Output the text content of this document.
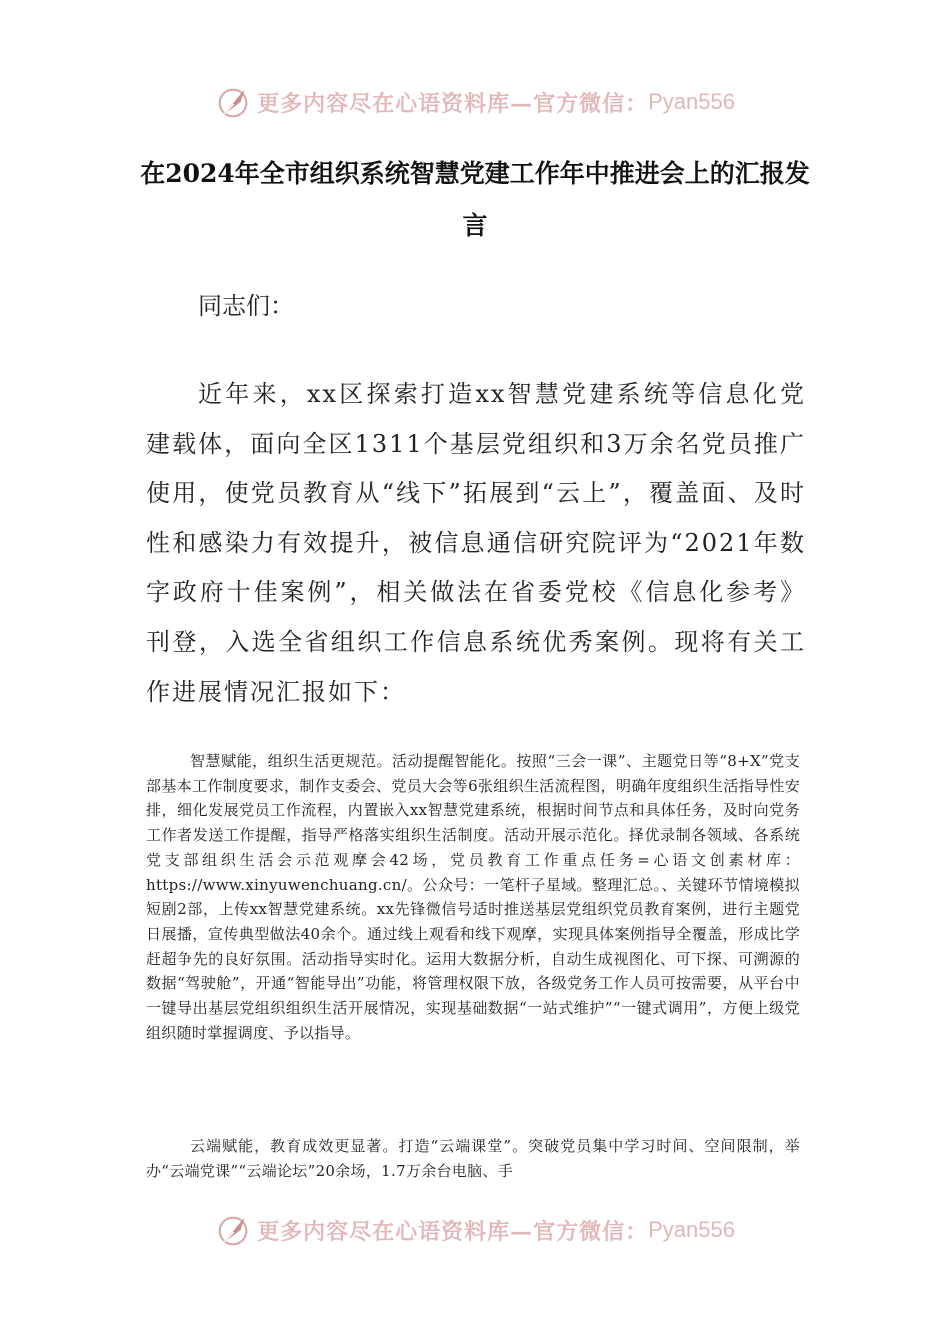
更多内容尽在心语资料库—官方微信： Pyan556
在2024年全市组织系统智慧党建工作年中推进会上的汇报发言

同志们：

近年来，xx区探索打造xx智慧党建系统等信息化党建载体，面向全区1311个基层党组织和3万余名党员推广使用，使党员教育从“线下”拓展到“云上”，覆盖面、及时性和感染力有效提升，被信息通信研究院评为“2021年数字政府十佳案例”，相关做法在省委党校《信息化参考》刊登，入选全省组织工作信息系统优秀案例。现将有关工作进展情况汇报如下：

智慧赋能，组织生活更规范。活动提醒智能化。按照“三会一课”、主题党日等“8+X”党支部基本工作制度要求，制作支委会、党员大会等6张组织生活流程图，明确年度组织生活指导性安排，细化发展党员工作流程，内置嵌入xx智慧党建系统，根据时间节点和具体任务，及时向党务工作者发送工作提醒，指导严格落实组织生活制度。活动开展示范化。择优录制各领域、各系统党支部组织生活会示范观摩会42场，党员教育工作重点任务=心语文创素材库：https://www.xinyuwenchuang.cn/。公众号：一笔杆子星域。整理汇总。、关键环节情境模拟短剧2部，上传xx智慧党建系统。xx先锋微信号适时推送基层党组织党员教育案例，进行主题党日展播，宣传典型做法40余个。通过线上观看和线下观摩，实现具体案例指导全覆盖，形成比学赶超争先的良好氛围。活动指导实时化。运用大数据分析，自动生成视图化、可下探、可溯源的数据“驾驶舱”，开通“智能导出”功能，将管理权限下放，各级党务工作人员可按需要，从平台中一键导出基层党组织组织生活开展情况，实现基础数据“一站式维护”“一键式调用”，方便上级党组织随时掌握调度、予以指导。

云端赋能，教育成效更显著。打造“云端课堂”。突破党员集中学习时间、空间限制，举办“云端党课”“云端论坛”20余场，1.7万余台电脑、手

更多内容尽在心语资料库—官方微信： Pyan556
